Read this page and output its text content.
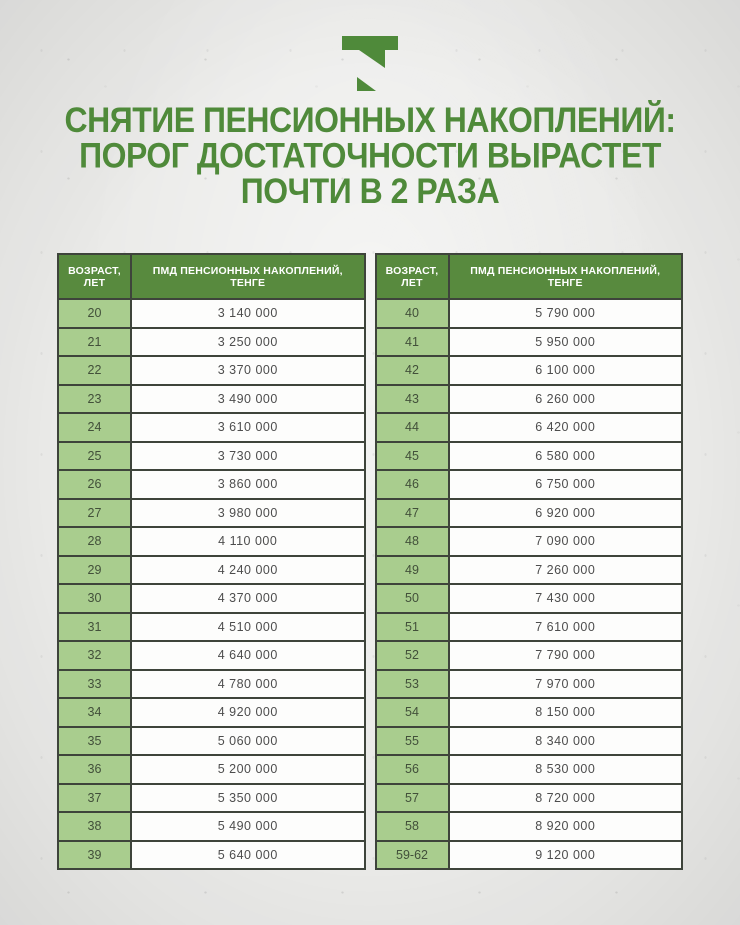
СНЯТИЕ ПЕНСИОННЫХ НАКОПЛЕНИЙ:
ПОРОГ ДОСТАТОЧНОСТИ ВЫРАСТЕТ
ПОЧТИ В 2 РАЗА
ВОЗРАСТ, ЛЕТ	ПМД ПЕНСИОННЫХ НАКОПЛЕНИЙ, ТЕНГЕ
20	3 140 000
21	3 250 000
22	3 370 000
23	3 490 000
24	3 610 000
25	3 730 000
26	3 860 000
27	3 980 000
28	4 110 000
29	4 240 000
30	4 370 000
31	4 510 000
32	4 640 000
33	4 780 000
34	4 920 000
35	5 060 000
36	5 200 000
37	5 350 000
38	5 490 000
39	5 640 000
ВОЗРАСТ, ЛЕТ	ПМД ПЕНСИОННЫХ НАКОПЛЕНИЙ, ТЕНГЕ
40	5 790 000
41	5 950 000
42	6 100 000
43	6 260 000
44	6 420 000
45	6 580 000
46	6 750 000
47	6 920 000
48	7 090 000
49	7 260 000
50	7 430 000
51	7 610 000
52	7 790 000
53	7 970 000
54	8 150 000
55	8 340 000
56	8 530 000
57	8 720 000
58	8 920 000
59-62	9 120 000
